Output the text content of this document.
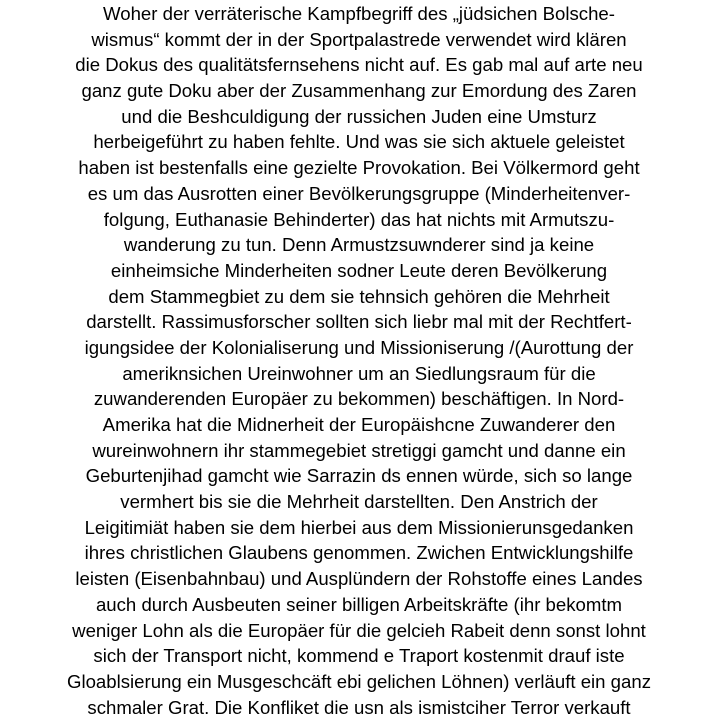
Woher der verräterische Kampfbegriff des „jüdsichen Bolsche-
wismus“ kommt der in der Sportpalastrede verwendet wird klären
die Dokus des qualitätsfernsehens nicht auf. Es gab mal auf arte neu
ganz gute Doku aber der Zusammenhang zur Emordung des Zaren
und die Beshculdigung der russichen Juden eine Umsturz
herbeigeführt zu haben fehlte. Und was sie sich aktuele geleistet
haben ist bestenfalls eine gezielte Provokation. Bei Völkermord geht
es um das Ausrotten einer Bevölkerungsgruppe (Minderheitenver-
folgung, Euthanasie Behinderter) das hat nichts mit Armutszu-
wanderung zu tun. Denn Armustzsuwnderer sind ja keine
einheimsiche Minderheiten sodner Leute deren Bevölkerung
dem Stammegbiet zu dem sie tehnsich gehören die Mehrheit
darstellt. Rassimusforscher sollten sich liebr mal mit der Rechtfert-
igungsidee der Kolonialiserung und Missioniserung /(Aurottung der
ameriknsichen Ureinwohner um an Siedlungsraum für die
zuwanderenden Europäer zu bekommen) beschäftigen. In Nord-
Amerika hat die Midnerheit der Europäishcne Zuwanderer den
wureinwohnern ihr stammegebiet stretiggi gamcht und danne ein
Geburtenjihad gamcht wie Sarrazin ds ennen würde, sich so lange
vermhert bis sie die Mehrheit darstellten. Den Anstrich der
Leigitimiät haben sie dem hierbei aus dem Missionierunsgedanken
ihres christlichen Glaubens genommen. Zwichen Entwicklungshilfe
leisten (Eisenbahnbau) und Ausplündern der Rohstoffe eines Landes
auch durch Ausbeuten seiner billigen Arbeitskräfte (ihr bekomtm
weniger Lohn als die Europäer für die gelcieh Rabeit denn sonst lohnt
sich der Transport nicht, kommend e Traport kostenmit drauf iste
Gloablsierung ein Musgeschcäft ebi gelichen Löhnen) verläuft ein ganz
schmaler Grat. Die Konfliket die usn als ismistciher Terror verkauft
